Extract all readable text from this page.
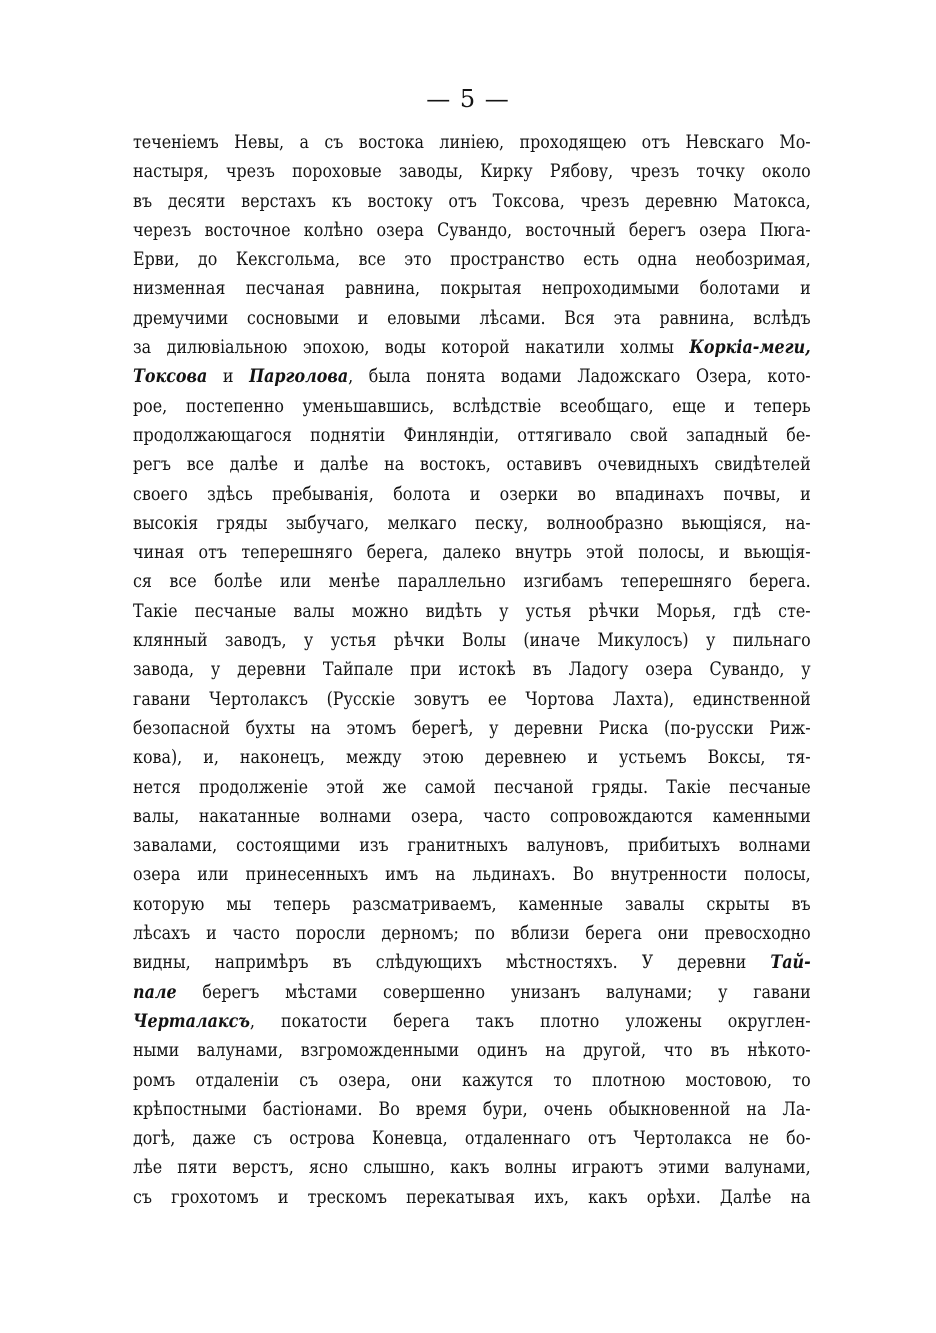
— 5 —
течeнiемъ Невы, а съ востока линiею, проходящею отъ Невскаго Мо-
настыря, чрезъ пороховые заводы, Кирку Рябову, чрезъ точку около
въ десяти верстахъ къ востоку отъ Токсова, чрезъ деревню Матокса,
черезъ восточное колѣно озера Сувандо, восточный берегъ озера Пюга-
Ерви, до Кексгольма, все это пространство есть одна необозримая,
низменная песчаная равнина, покрытая непроходимыми болотами и
дремучими сосновыми и еловыми лѣсами. Вся эта равнина, вслѣдъ
за дилювiальною эпохою, воды которой накатили холмы Коркiа-меги,
Токсова и Парголова, была понята водами Ладожскаго Озера, кото-
рое, постепенно уменьшавшись, вслѣдствiе всеобщаго, еще и теперь
продолжающагося поднятiи Финляндiи, оттягивало свой западный бе-
регъ все далѣе и далѣе на востокъ, оставивъ очевидныхъ свидѣтелей
своего здѣсь пребыванiя, болота и озерки во впадинахъ почвы, и
высокiя гряды зыбучаго, мелкаго песку, волнообразно вьющiяся, на-
чиная отъ теперешняго берега, далеко внутрь этой полосы, и вьющiя-
ся все болѣе или менѣе параллельно изгибамъ теперешняго берега.
Такiе песчаные валы можно видѣть у устья рѣчки Морья, гдѣ сте-
клянный заводъ, у устья рѣчки Волы (иначе Микулосъ) у пильнаго
завода, у деревни Тайпале при истокѣ въ Ладогу озера Сувандо, у
гавани Чертолаксъ (Русскiе зовутъ ее Чортова Лахта), единственной
безопасной бухты на этомъ берегѣ, у деревни Риска (по-русски Риж-
кова), и, наконецъ, между этою деревнею и устьемъ Воксы, тя-
нется продолженiе этой же самой песчаной гряды. Такiе песчаные
валы, накатанные волнами озера, часто сопровождаются каменными
завалами, состоящими изъ гранитныхъ валуновъ, прибитыхъ волнами
озера или принесенныхъ имъ на льдинахъ. Во внутренности полосы,
которую мы теперь разсматриваемъ, каменные завалы скрыты въ
лѣсахъ и часто поросли дерномъ; по вблизи берега они превосходно
видны, напримѣръ въ слѣдующихъ мѣстностяхъ. У деревни Тай-
пале берегъ мѣстами совершенно унизанъ валунами; у гавани
Черталаксъ, покатости берега такъ плотно уложены округлен-
ными валунами, взгроможденными одинъ на другой, что въ нѣкото-
ромъ отдаленiи съ озера, они кажутся то плотною мостовою, то
крѣпостными бастiонами. Во время бури, очень обыкновенной на Ла-
догѣ, даже съ острова Коневца, отдаленнаго отъ Чертолакса не бо-
лѣе пяти верстъ, ясно слышно, какъ волны играютъ этими валунами,
съ грохотомъ и трескомъ перекатывая ихъ, какъ орѣхи. Далѣе на
